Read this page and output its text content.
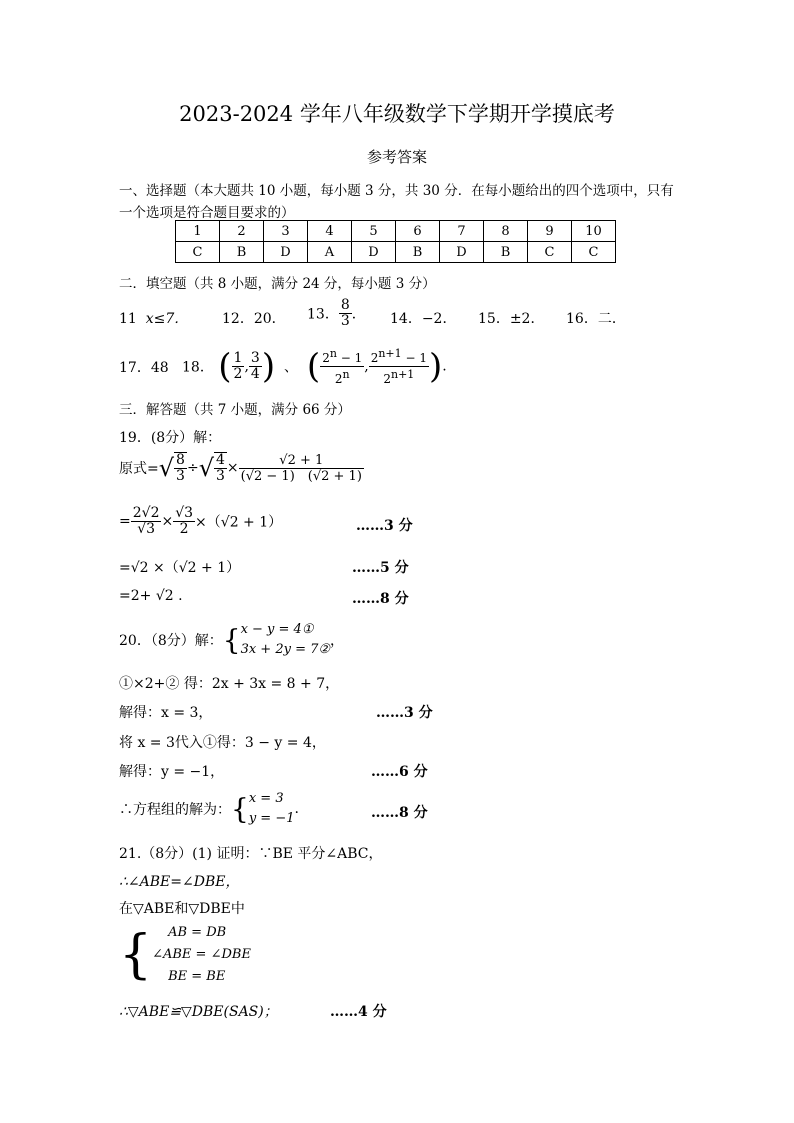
2023-2024 学年八年级数学下学期开学摸底考
参考答案
一、选择题（本大题共 10 小题，每小题 3 分，共 30 分．在每小题给出的四个选项中，只有
一个选项是符合题目要求的）
1	2	3	4	5	6	7	8	9	10
C	B	D	A	D	B	D	B	C	C
二．填空题（共 8 小题，满分 24 分，每小题 3 分）
11 x≤7． 12．20． 13． $\frac{8}{3}$ ． 14．−2． 15．±2． 16．二．
17．48 18． ( $\frac{1}{2}$ , $\frac{3}{4}$ )  、  ( $\frac{2^n - 1}{2^n}$ , $\frac{2^{n+1} - 1}{2^{n+1}}$ ).
三．解答题（共 7 小题，满分 66 分）
19．(8分）解：
原式=√ $\frac{8}{3}$ ÷√ $\frac{4}{3} \times \frac{√2 + 1}{(√2 - 1) (√2 + 1)}$
= $\frac{2√2}{√3} \times \frac{√3}{2} \times(√2 + 1)$	……3 分
=√2 ×（√2 + 1）	……5 分
=2+ √2 .	……8 分
20．（8分）解：{ x − y = 4①
3x + 2y = 7②
，
①×2+② 得：2x + 3x = 8 + 7，
解得：x = 3，	……3 分
将 x = 3代入①得：3 − y = 4，
解得：y = −1，	……6 分
∴方程组的解为：{ x = 3
y = −1
.	……8 分
21.（8分）(1) 证明：∵BE 平分∠ABC，
∴∠ABE=∠DBE，
在▽ABE和▽DBE中
{	AB = DB
∠ABE = ∠DBE
BE = BE
∴▽ABE≌▽DBE(SAS)；	……4 分
